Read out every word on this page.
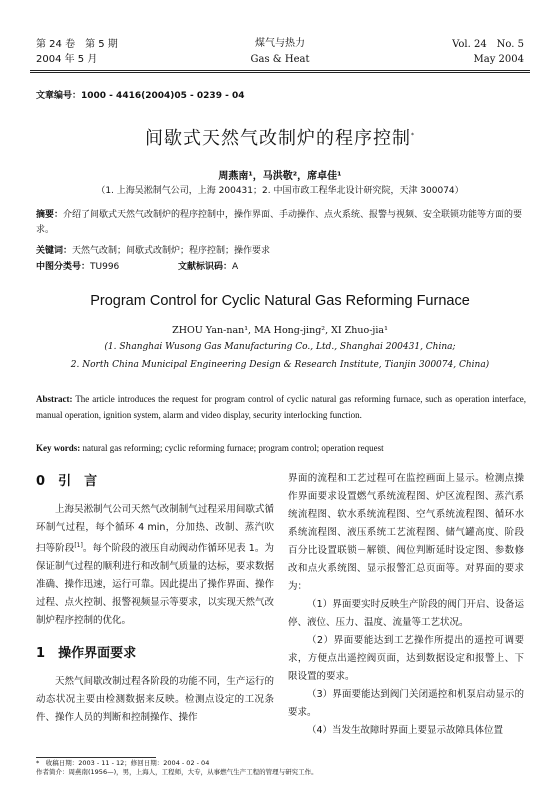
第 24 卷　第 5 期
2004 年 5 月
煤气与热力
Gas & Heat
Vol. 24　No. 5
May 2004
文章编号：1000 - 4416(2004)05 - 0239 - 04
间歇式天然气改制炉的程序控制*
周燕南¹，马洪敬²，席卓佳¹
（1. 上海吴淞制气公司，上海 200431；2. 中国市政工程华北设计研究院，天津 300074）
摘要：介绍了间歇式天然气改制炉的程序控制中，操作界面、手动操作、点火系统、报警与视频、安全联锁功能等方面的要求。
关键词：天然气改制；间歇式改制炉；程序控制；操作要求
中图分类号：TU996	文献标识码：A
Program Control for Cyclic Natural Gas Reforming Furnace
ZHOU Yan-nan¹, MA Hong-jing², XI Zhuo-jia¹
(1. Shanghai Wusong Gas Manufacturing Co., Ltd., Shanghai 200431, China;
2. North China Municipal Engineering Design & Research Institute, Tianjin 300074, China)
Abstract: The article introduces the request for program control of cyclic natural gas reforming furnace, such as operation interface, manual operation, ignition system, alarm and video display, security interlocking function.
Key words: natural gas reforming; cyclic reforming furnace; program control; operation request
0　 引　言

上海吴淞制气公司天然气改制制气过程采用间歇式循环制气过程，每个循环 4 min，分加热、改制、蒸汽吹扫等阶段[1]。每个阶段的液压自动阀动作循环见表 1。为保证制气过程的顺利进行和改制气质量的达标，要求数据准确、操作迅速，运行可靠。因此提出了操作界面、操作过程、点火控制、报警视频显示等要求，以实现天然气改制炉程序控制的优化。

1　 操作界面要求

天然气间歇改制过程各阶段的功能不同，生产运行的动态状况主要由检测数据来反映。检测点设定的工况条件、操作人员的判断和控制操作、操作

界面的流程和工艺过程可在监控画面上显示。检测点操作界面要求设置燃气系统流程图、炉区流程图、蒸汽系统流程图、软水系统流程图、空气系统流程图、循环水系统流程图、液压系统工艺流程图、储气罐高度、阶段百分比设置联锁－解锁、阀位判断延时设定图、参数修改和点火系统图、显示报警汇总页面等。对界面的要求为：

（1）界面要实时反映生产阶段的阀门开启、设备运停、液位、压力、温度、流量等工艺状况。

（2）界面要能达到工艺操作所提出的遥控可调要求，方便点出遥控阀页面，达到数据设定和报警上、下限设置的要求。

（3）界面要能达到阀门关闭遥控和机泵启动显示的要求。

（4）当发生故障时界面上要显示故障具体位置

*　收稿日期：2003 - 11 - 12；修回日期：2004 - 02 - 04
作者简介：周燕南(1956—)，男，上海人，工程师，大专，从事燃气生产工程的管理与研究工作。
